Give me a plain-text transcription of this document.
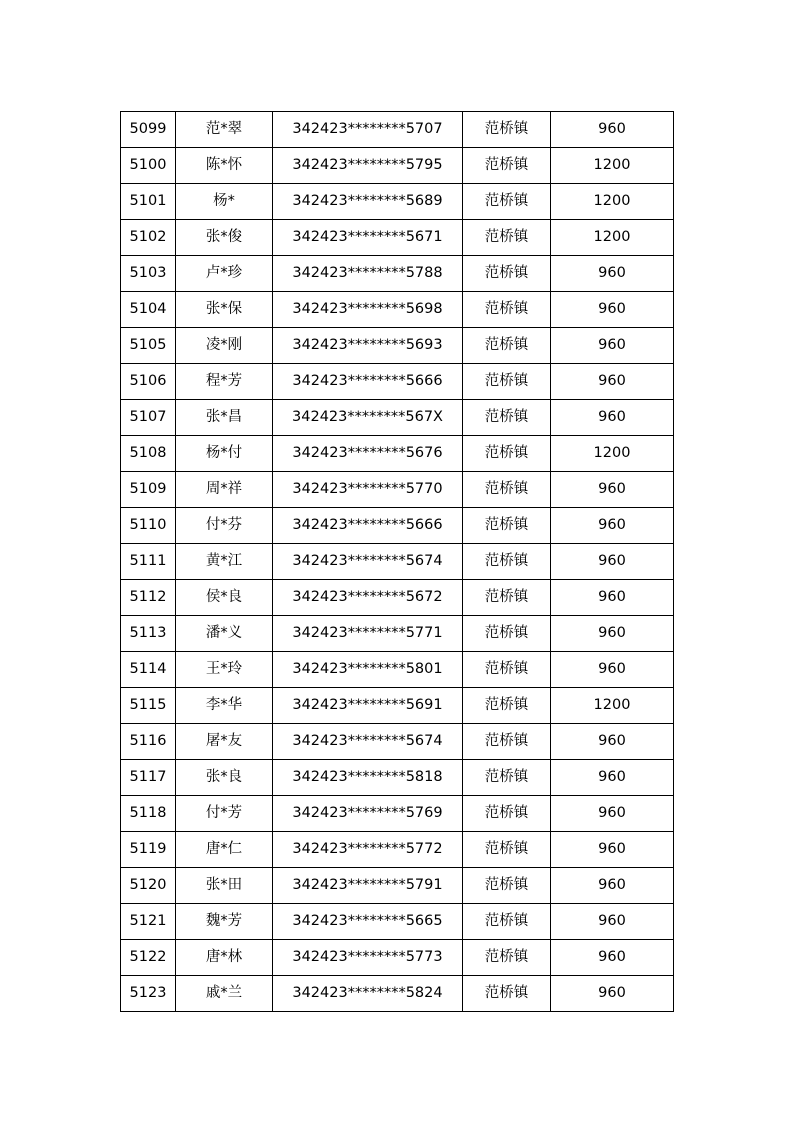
5099	范*翠	342423********5707	范桥镇	960
5100	陈*怀	342423********5795	范桥镇	1200
5101	杨*	342423********5689	范桥镇	1200
5102	张*俊	342423********5671	范桥镇	1200
5103	卢*珍	342423********5788	范桥镇	960
5104	张*保	342423********5698	范桥镇	960
5105	凌*刚	342423********5693	范桥镇	960
5106	程*芳	342423********5666	范桥镇	960
5107	张*昌	342423********567X	范桥镇	960
5108	杨*付	342423********5676	范桥镇	1200
5109	周*祥	342423********5770	范桥镇	960
5110	付*芬	342423********5666	范桥镇	960
5111	黄*江	342423********5674	范桥镇	960
5112	侯*良	342423********5672	范桥镇	960
5113	潘*义	342423********5771	范桥镇	960
5114	王*玲	342423********5801	范桥镇	960
5115	李*华	342423********5691	范桥镇	1200
5116	屠*友	342423********5674	范桥镇	960
5117	张*良	342423********5818	范桥镇	960
5118	付*芳	342423********5769	范桥镇	960
5119	唐*仁	342423********5772	范桥镇	960
5120	张*田	342423********5791	范桥镇	960
5121	魏*芳	342423********5665	范桥镇	960
5122	唐*林	342423********5773	范桥镇	960
5123	戚*兰	342423********5824	范桥镇	960
